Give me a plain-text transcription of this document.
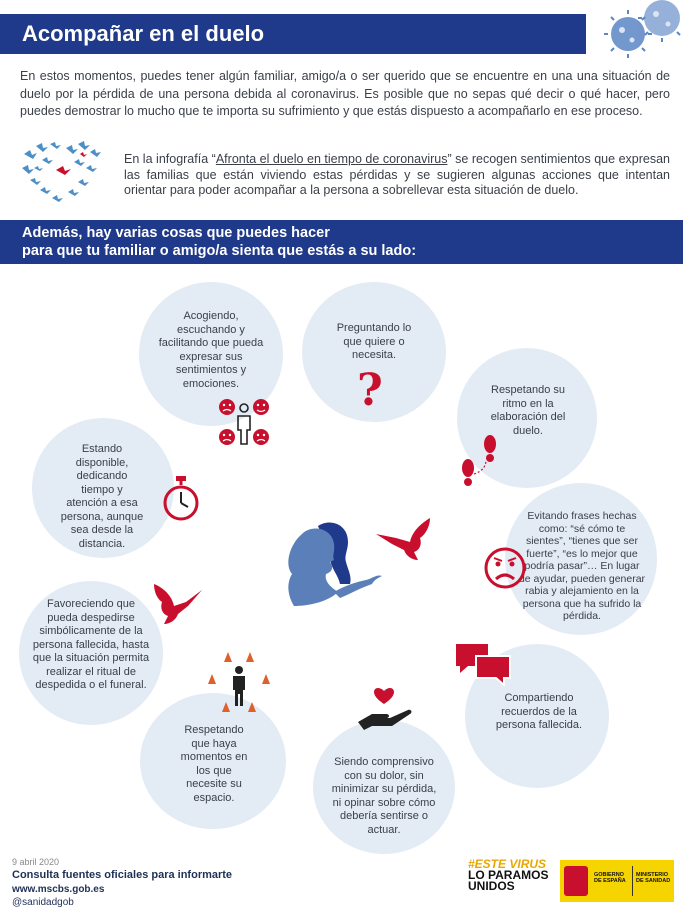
Acompañar en el duelo
En estos momentos, puedes tener algún familiar, amigo/a o ser querido que se encuentre en una una situación de duelo por la pérdida de una persona debida al coronavirus. Es posible que no sepas qué decir o qué hacer, pero puedes demostrar lo mucho que te importa su sufrimiento y que estás dispuesto a acompañarlo en ese proceso.
En la infografía “Afronta el duelo en tiempo de coronavirus” se recogen sentimientos que expresan las familias que están viviendo estas pérdidas y se sugieren algunas acciones que intentan orientar para poder acompañar a la persona a sobrellevar esta situación de duelo.
Además, hay varias cosas que puedes hacer
para que tu familiar o amigo/a sienta que estás a su lado:
Acogiendo, escuchando y facilitando que pueda expresar sus sentimientos y emociones.
Preguntando lo que quiere o necesita.
Respetando su ritmo en la elaboración del duelo.
Estando disponible, dedicando tiempo y atención a esa persona, aunque sea desde la distancia.
Evitando frases hechas como: “sé cómo te sientes”, “tienes que ser fuerte”, “es lo mejor que podría pasar”… En lugar de ayudar, pueden generar rabia y alejamiento en la persona que ha sufrido la pérdida.
Favoreciendo que pueda despedirse simbólicamente de la persona fallecida, hasta que la situación permita realizar el ritual de despedida o el funeral.
Compartiendo recuerdos de la persona fallecida.
Respetando que haya momentos en los que necesite su espacio.
Siendo comprensivo con su dolor, sin minimizar su pérdida, ni opinar sobre cómo debería sentirse o actuar.
?
9 abril 2020
Consulta fuentes oficiales para informarte
www.mscbs.gob.es
@sanidadgob
#ESTE VIRUS
LO PARAMOS UNIDOS
GOBIERNO DE ESPAÑA
MINISTERIO DE SANIDAD
